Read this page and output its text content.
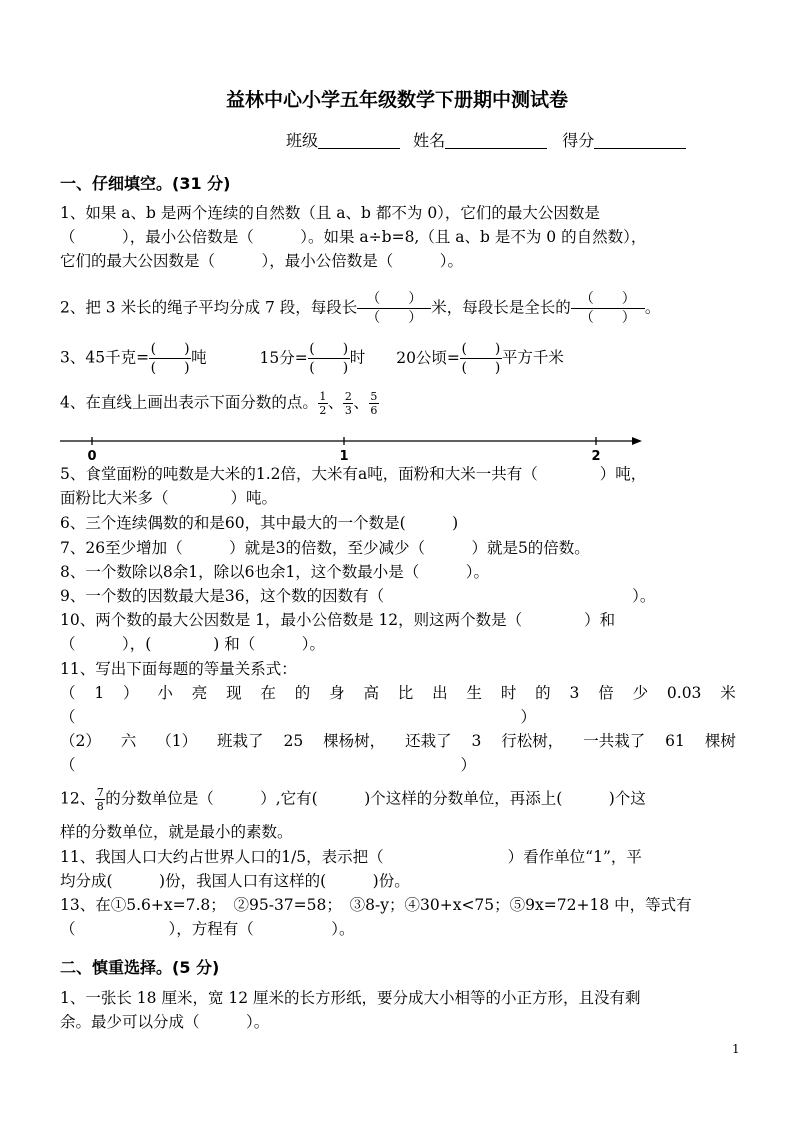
益林中心小学五年级数学下册期中测试卷
班级	姓名	得分
一、仔细填空。(31 分)
1、如果 a、b 是两个连续的自然数（且 a、b 都不为 0），它们的最大公因数是
（　　　），最小公倍数是（　　　）。如果 a÷b=8,（且 a、b 是不为 0 的自然数），
它们的最大公因数是（　　　），最小公倍数是（　　　）。
2、把 3 米长的绳子平均分成 7 段，每段长 $\frac{( )}{( )}$ 米，每段长是全长的 $\frac{( )}{( )}$ 。
3、45千克= $\frac{( )}{( )}$ 吨	15分= $\frac{( )}{( )}$ 时 20公顷= $\frac{( )}{( )}$ 平方千米
4、在直线上画出表示下面分数的点。 $\frac{1}{2}$ 、 $\frac{2}{3}$ 、 $\frac{5}{6}$
0	1	2
5、食堂面粉的吨数是大米的1.2倍，大米有a吨，面粉和大米一共有（　　　　）吨，
面粉比大米多（　　　　）吨。
6、三个连续偶数的和是60，其中最大的一个数是(　　　)
7、26至少增加（　　　）就是3的倍数，至少减少（　　　）就是5的倍数。
8、一个数除以8余1，除以6也余1，这个数最小是（　　　）。
9、一个数的因数最大是36，这个数的因数有（　　　　　　　　　　　　　　　　）。
10、两个数的最大公因数是 1，最小公倍数是 12，则这两个数是（　　　　）和
（　　　），(　　　　) 和（　　　）。
11、写出下面每题的等量关系式：
（ 1 ） 小 亮 现 在 的 身 高 比 出 生 时 的 3 倍 少 0.03 米
（	）
（2） 六 （1） 班栽了 25 棵杨树， 还栽了 3 行松树， 一共栽了 61 棵树
（	）
12、 $\frac{7}{8}$ 的分数单位是（　　　）,它有(　　　)个这样的分数单位，再添上(　　　)个这
样的分数单位，就是最小的素数。
11、我国人口大约占世界人口的1/5，表示把（　　　　　　　　）看作单位“1”，平
均分成(　　　)份，我国人口有这样的(　　　)份。
13、在①5.6+x=7.8；　②95-37=58；　③8-y；④30+x<75；⑤9x=72+18 中，等式有
（　　　　　　），方程有（　　　　　）。
二、慎重选择。(5 分)
1、一张长 18 厘米，宽 12 厘米的长方形纸，要分成大小相等的小正方形，且没有剩
余。最少可以分成（　　　）。
1
